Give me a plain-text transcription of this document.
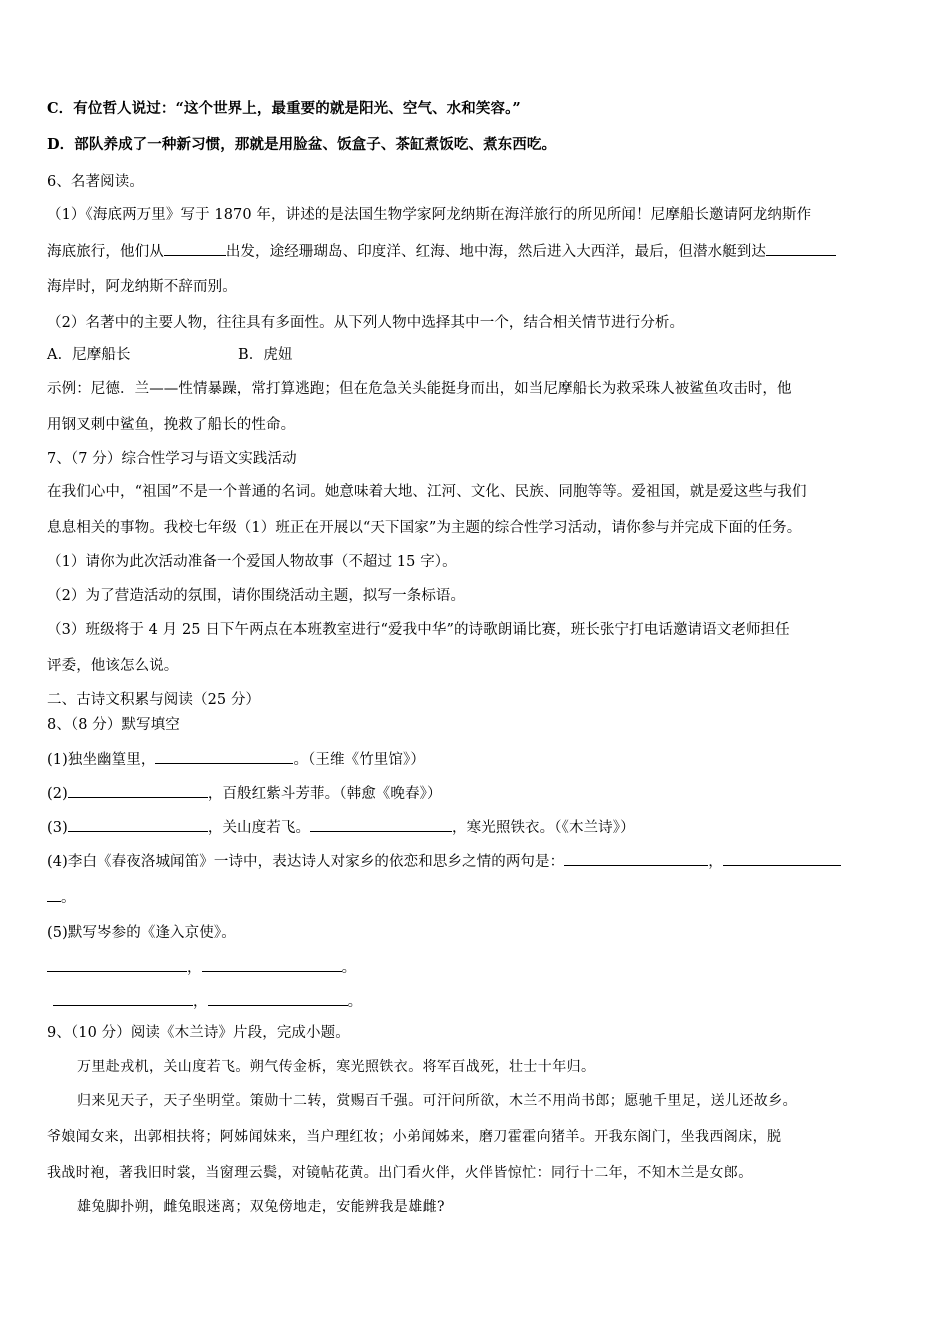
C．有位哲人说过：“这个世界上，最重要的就是阳光、空气、水和笑容。”
D．部队养成了一种新习惯，那就是用脸盆、饭盒子、茶缸煮饭吃、煮东西吃。
6、名著阅读。
（1）《海底两万里》写于 1870 年，讲述的是法国生物学家阿龙纳斯在海洋旅行的所见所闻！尼摩船长邀请阿龙纳斯作
海底旅行，他们从	出发，途经珊瑚岛、印度洋、红海、地中海，然后进入大西洋，最后，但潜水艇到达
海岸时，阿龙纳斯不辞而别。
（2）名著中的主要人物，往往具有多面性。从下列人物中选择其中一个，结合相关情节进行分析。
A．尼摩船长	B．虎妞
示例：尼德．兰——性情暴躁，常打算逃跑；但在危急关头能挺身而出，如当尼摩船长为救采珠人被鲨鱼攻击时，他
用钢叉刺中鲨鱼，挽救了船长的性命。
7、（7 分）综合性学习与语文实践活动
在我们心中，“祖国”不是一个普通的名词。她意味着大地、江河、文化、民族、同胞等等。爱祖国，就是爱这些与我们
息息相关的事物。我校七年级（1）班正在开展以“天下国家”为主题的综合性学习活动，请你参与并完成下面的任务。
（1）请你为此次活动准备一个爱国人物故事（不超过 15 字）。
（2）为了营造活动的氛围，请你围绕活动主题，拟写一条标语。
（3）班级将于 4 月 25 日下午两点在本班教室进行“爱我中华”的诗歌朗诵比赛，班长张宁打电话邀请语文老师担任
评委，他该怎么说。
二、古诗文积累与阅读（25 分）
8、（8 分）默写填空
(1)独坐幽篁里，	。（王维《竹里馆》）
(2)	，百般红紫斗芳菲。（韩愈《晚春》）
(3)	，关山度若飞。	，寒光照铁衣。（《木兰诗》）
(4)李白《春夜洛城闻笛》一诗中，表达诗人对家乡的依恋和思乡之情的两句是：	，
。
(5)默写岑参的《逢入京使》。
，	。
，	。
9、（10 分）阅读《木兰诗》片段，完成小题。
万里赴戎机，关山度若飞。朔气传金柝，寒光照铁衣。将军百战死，壮士十年归。
归来见天子，天子坐明堂。策勋十二转，赏赐百千强。可汗问所欲，木兰不用尚书郎；愿驰千里足，送儿还故乡。
爷娘闻女来，出郭相扶将；阿姊闻妹来，当户理红妆；小弟闻姊来，磨刀霍霍向猪羊。开我东阁门，坐我西阁床，脱
我战时袍，著我旧时裳，当窗理云鬓，对镜帖花黄。出门看火伴，火伴皆惊忙：同行十二年，不知木兰是女郎。
雄兔脚扑朔，雌兔眼迷离；双兔傍地走，安能辨我是雄雌?
